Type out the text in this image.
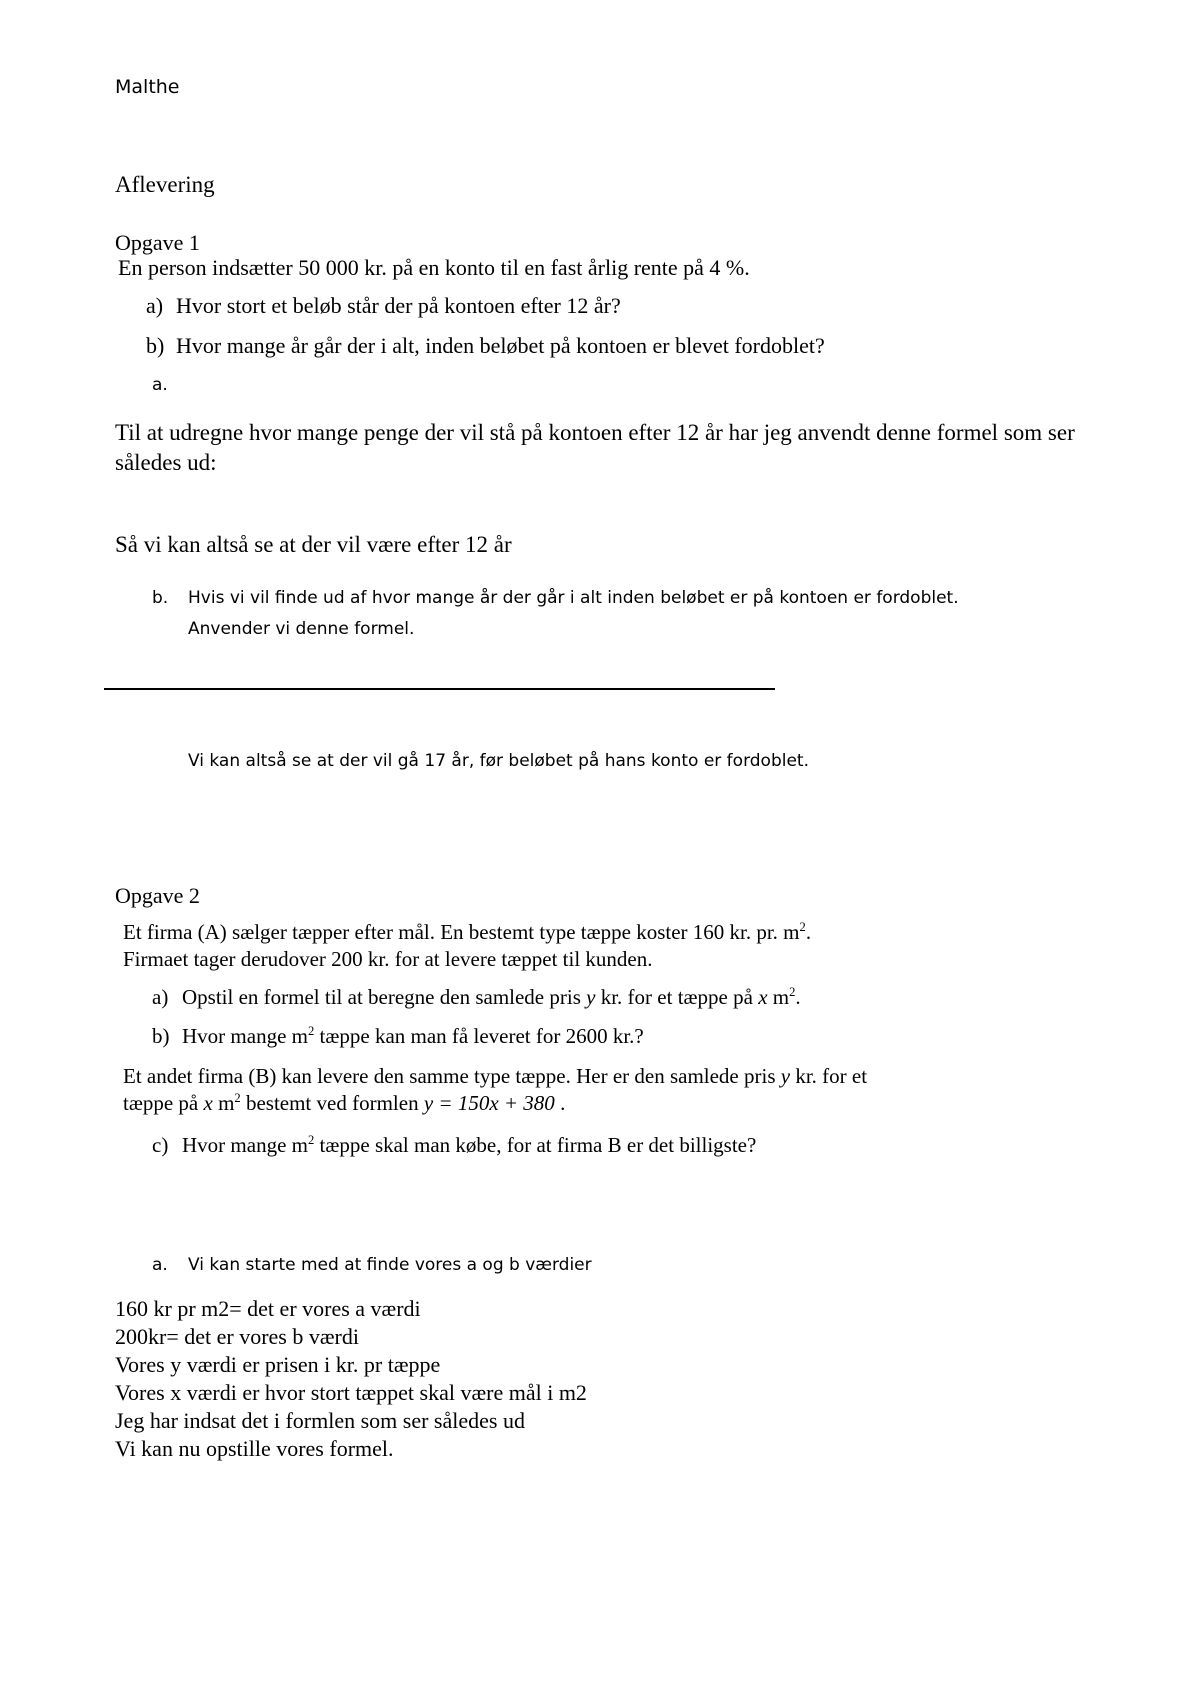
Malthe
Aflevering
Opgave 1
En person indsætter 50 000 kr. på en konto til en fast årlig rente på 4 %.
a) Hvor stort et beløb står der på kontoen efter 12 år?
b) Hvor mange år går der i alt, inden beløbet på kontoen er blevet fordoblet?
a.
Til at udregne hvor mange penge der vil stå på kontoen efter 12 år har jeg anvendt denne formel som ser således ud:
Så vi kan altså se at der vil være efter 12 år
b. Hvis vi vil finde ud af hvor mange år der går i alt inden beløbet er på kontoen er fordoblet.
Anvender vi denne formel.
Vi kan altså se at der vil gå 17 år, før beløbet på hans konto er fordoblet.
Opgave 2
Et firma (A) sælger tæpper efter mål. En bestemt type tæppe koster 160 kr. pr. $m^2$.
Firmaet tager derudover 200 kr. for at levere tæppet til kunden.
a) Opstil en formel til at beregne den samlede pris y kr. for et tæppe på x $m^2$.
b) Hvor mange $m^2$ tæppe kan man få leveret for 2600 kr.?
Et andet firma (B) kan levere den samme type tæppe. Her er den samlede pris y kr. for et
tæppe på x $m^2$ bestemt ved formlen y = 150x + 380 .
c) Hvor mange $m^2$ tæppe skal man købe, for at firma B er det billigste?
a. Vi kan starte med at finde vores a og b værdier
160 kr pr m2= det er vores a værdi
200kr= det er vores b værdi
Vores y værdi er prisen i kr. pr tæppe
Vores x værdi er hvor stort tæppet skal være mål i m2
Jeg har indsat det i formlen som ser således ud
Vi kan nu opstille vores formel.
